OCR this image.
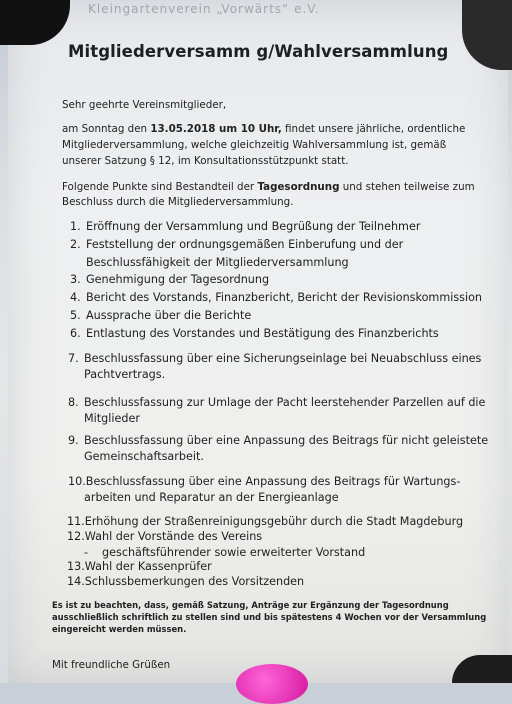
Kleingartenverein „Vorwärts“ e.V.
Mitgliederversamm g/Wahlversammlung
Sehr geehrte Vereinsmitglieder,
am Sonntag den 13.05.2018 um 10 Uhr, findet unsere jährliche, ordentliche
Mitgliederversammlung, welche gleichzeitig Wahlversammlung ist, gemäß
unserer Satzung § 12, im Konsultationsstützpunkt statt.
Folgende Punkte sind Bestandteil der Tagesordnung und stehen teilweise zum
Beschluss durch die Mitgliederversammlung.
1. Eröffnung der Versammlung und Begrüßung der Teilnehmer
2. Feststellung der ordnungsgemäßen Einberufung und der
Beschlussfähigkeit der Mitgliederversammlung
3. Genehmigung der Tagesordnung
4. Bericht des Vorstands, Finanzbericht, Bericht der Revisionskommission
5. Aussprache über die Berichte
6. Entlastung des Vorstandes und Bestätigung des Finanzberichts
7. Beschlussfassung über eine Sicherungseinlage bei Neuabschluss eines
Pachtvertrags.
8. Beschlussfassung zur Umlage der Pacht leerstehender Parzellen auf die
Mitglieder
9. Beschlussfassung über eine Anpassung des Beitrags für nicht geleistete
Gemeinschaftsarbeit.
10.Beschlussfassung über eine Anpassung des Beitrags für Wartungs-
arbeiten und Reparatur an der Energieanlage
11.Erhöhung der Straßenreinigungsgebühr durch die Stadt Magdeburg
12.Wahl der Vorstände des Vereins
- geschäftsführender sowie erweiterter Vorstand
13.Wahl der Kassenprüfer
14.Schlussbemerkungen des Vorsitzenden
Es ist zu beachten, dass, gemäß Satzung, Anträge zur Ergänzung der Tagesordnung
ausschließlich schriftlich zu stellen sind und bis spätestens 4 Wochen vor der Versammlung
eingereicht werden müssen.
Mit freundliche Grüßen
